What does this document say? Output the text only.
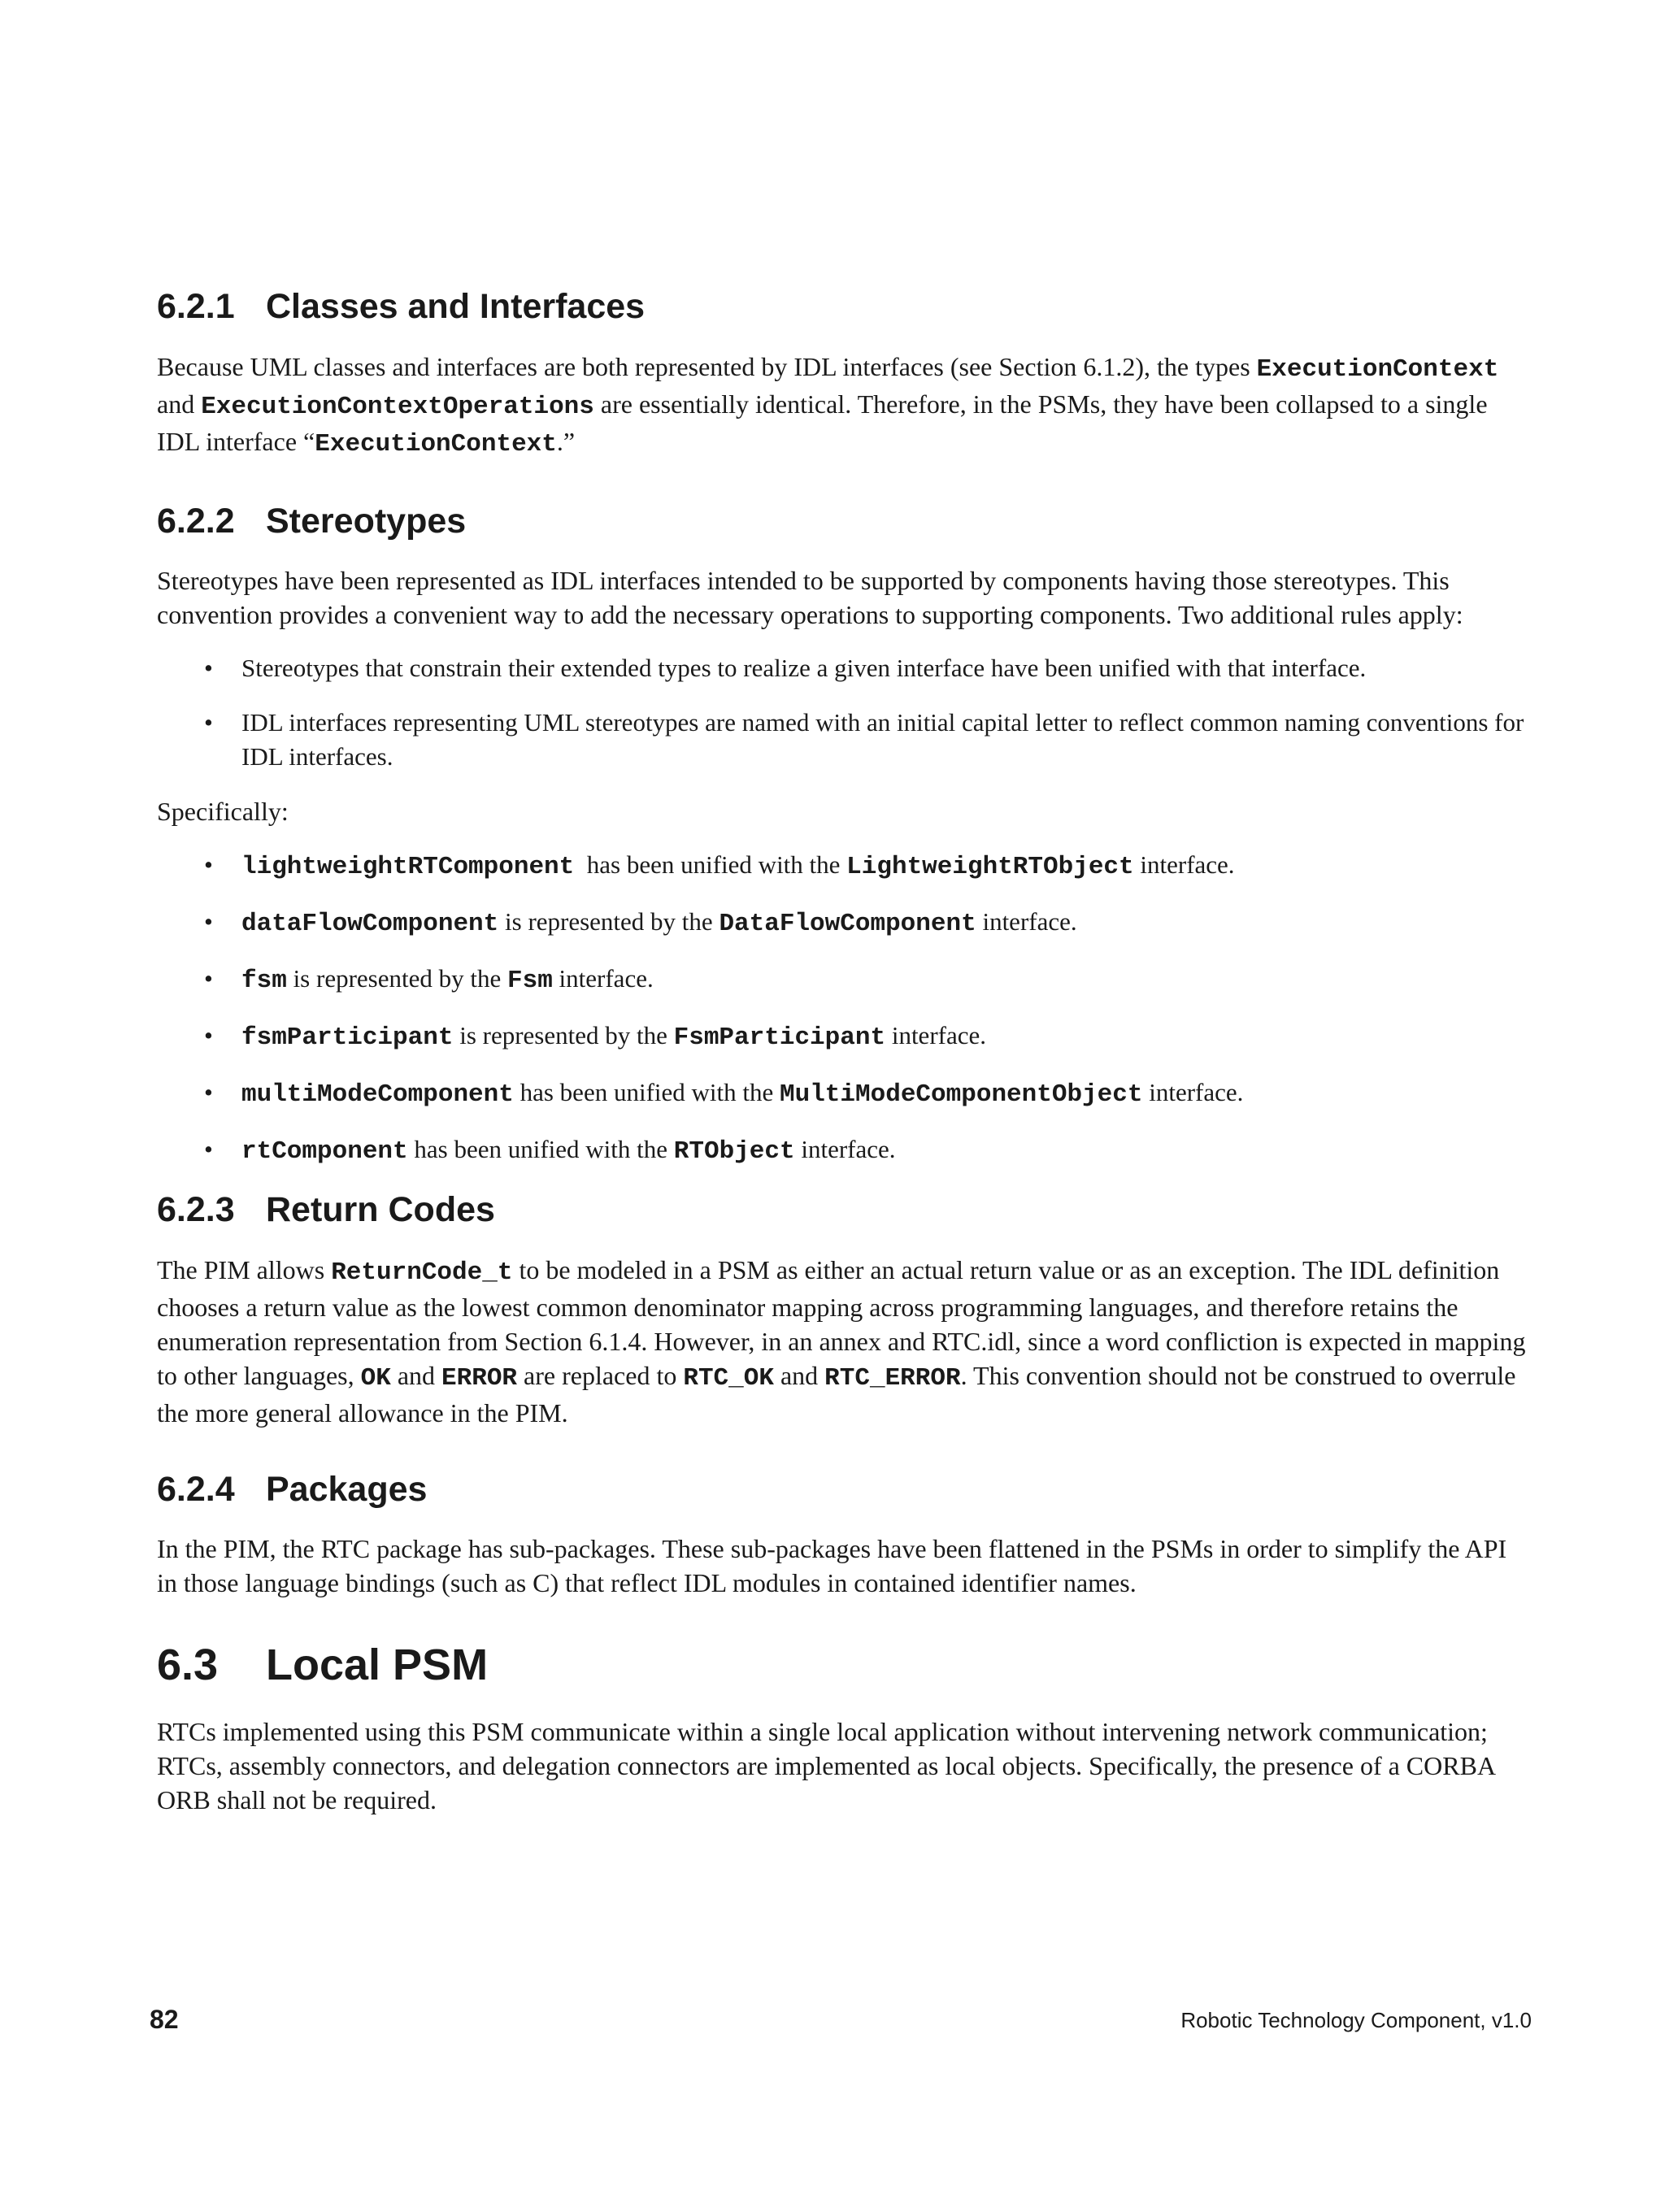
6.2.1 Classes and Interfaces

Because UML classes and interfaces are both represented by IDL interfaces (see Section 6.1.2), the types ExecutionContext and ExecutionContextOperations are essentially identical. Therefore, in the PSMs, they have been collapsed to a single IDL interface “ExecutionContext.”

6.2.2 Stereotypes

Stereotypes have been represented as IDL interfaces intended to be supported by components having those stereotypes. This convention provides a convenient way to add the necessary operations to supporting components. Two additional rules apply:

• Stereotypes that constrain their extended types to realize a given interface have been unified with that interface.
• IDL interfaces representing UML stereotypes are named with an initial capital letter to reflect common naming conventions for IDL interfaces.

Specifically:

• lightweightRTComponent  has been unified with the LightweightRTObject interface.
• dataFlowComponent is represented by the DataFlowComponent interface.
• fsm is represented by the Fsm interface.
• fsmParticipant is represented by the FsmParticipant interface.
• multiModeComponent has been unified with the MultiModeComponentObject interface.
• rtComponent has been unified with the RTObject interface.
6.2.3 Return Codes

The PIM allows ReturnCode_t to be modeled in a PSM as either an actual return value or as an exception. The IDL definition chooses a return value as the lowest common denominator mapping across programming languages, and therefore retains the enumeration representation from Section 6.1.4. However, in an annex and RTC.idl, since a word confliction is expected in mapping to other languages, OK and ERROR are replaced to RTC_OK and RTC_ERROR. This convention should not be construed to overrule the more general allowance in the PIM.

6.2.4 Packages

In the PIM, the RTC package has sub-packages. These sub-packages have been flattened in the PSMs in order to simplify the API in those language bindings (such as C) that reflect IDL modules in contained identifier names.

6.3 Local PSM

RTCs implemented using this PSM communicate within a single local application without intervening network communication; RTCs, assembly connectors, and delegation connectors are implemented as local objects. Specifically, the presence of a CORBA ORB shall not be required.

82	Robotic Technology Component, v1.0
